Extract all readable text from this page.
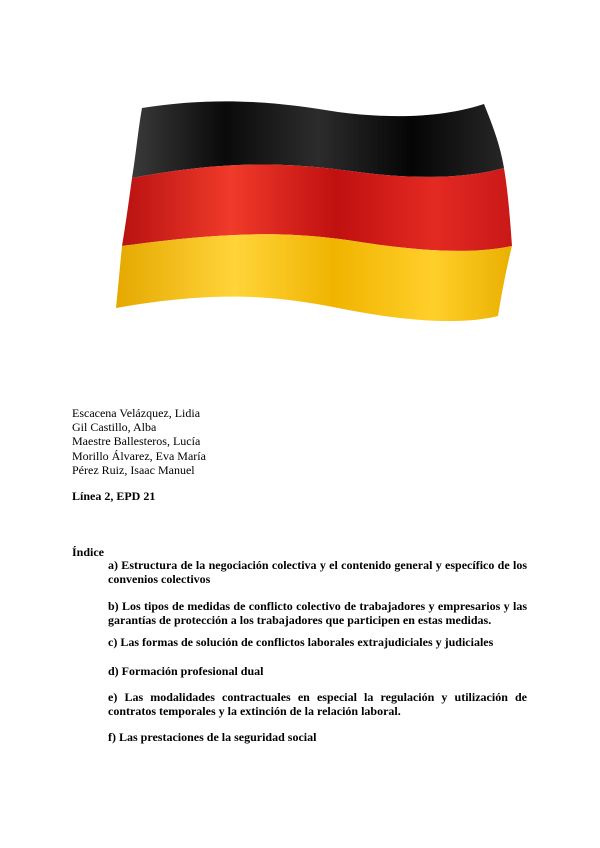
Escacena Velázquez, Lidia
Gil Castillo, Alba
Maestre Ballesteros, Lucía
Morillo Álvarez, Eva María
Pérez Ruiz, Isaac Manuel
Línea 2, EPD 21
Índice
a) Estructura de la negociación colectiva y el contenido general y específico de los convenios colectivos
b) Los tipos de medidas de conflicto colectivo de trabajadores y empresarios y las garantías de protección a los trabajadores que participen en estas medidas.
c) Las formas de solución de conflictos laborales extrajudiciales y judiciales
d) Formación profesional dual
e) Las modalidades contractuales en especial la regulación y utilización de contratos temporales y la extinción de la relación laboral.
f) Las prestaciones de la seguridad social
